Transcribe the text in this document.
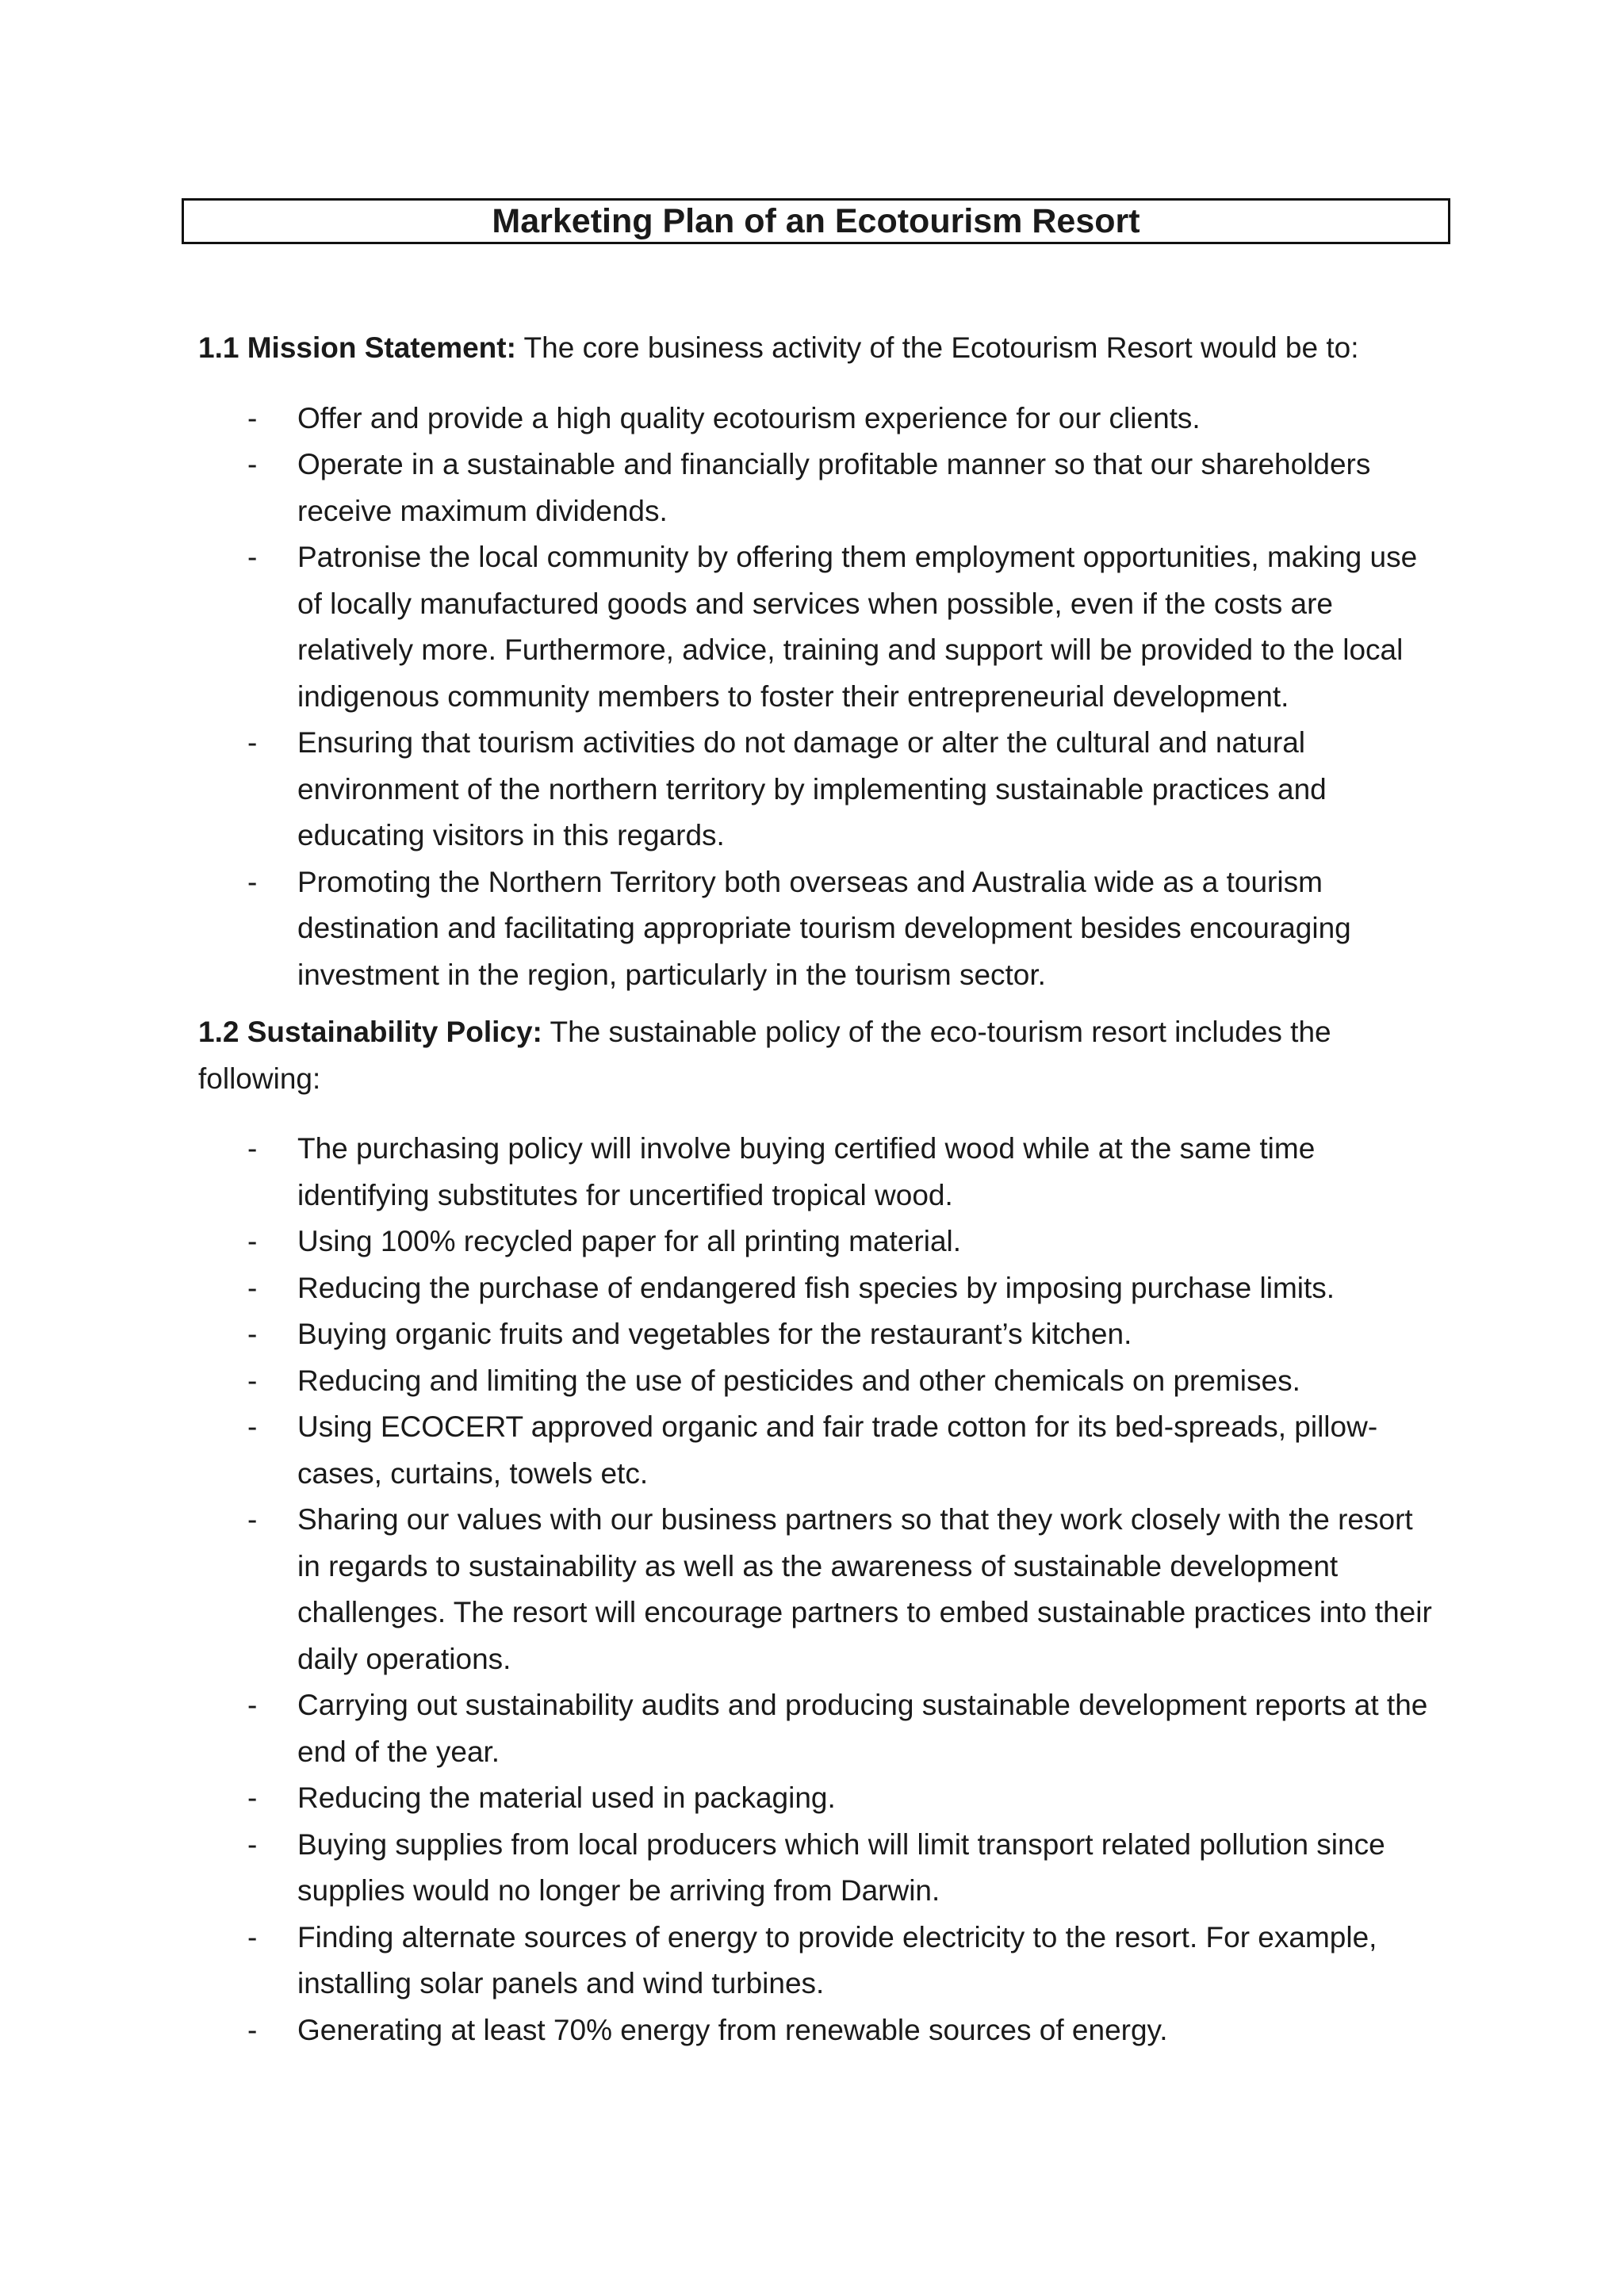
Marketing Plan of an Ecotourism Resort
1.1 Mission Statement: The core business activity of the Ecotourism Resort would be to:
- Offer and provide a high quality ecotourism experience for our clients.
- Operate in a sustainable and financially profitable manner so that our shareholders receive maximum dividends.
- Patronise the local community by offering them employment opportunities, making use of locally manufactured goods and services when possible, even if the costs are relatively more. Furthermore, advice, training and support will be provided to the local indigenous community members to foster their entrepreneurial development.
- Ensuring that tourism activities do not damage or alter the cultural and natural environment of the northern territory by implementing sustainable practices and educating visitors in this regards.
- Promoting the Northern Territory both overseas and Australia wide as a tourism destination and facilitating appropriate tourism development besides encouraging investment in the region, particularly in the tourism sector.
1.2 Sustainability Policy: The sustainable policy of the eco-tourism resort includes the following:
- The purchasing policy will involve buying certified wood while at the same time identifying substitutes for uncertified tropical wood.
- Using 100% recycled paper for all printing material.
- Reducing the purchase of endangered fish species by imposing purchase limits.
- Buying organic fruits and vegetables for the restaurant’s kitchen.
- Reducing and limiting the use of pesticides and other chemicals on premises.
- Using ECOCERT approved organic and fair trade cotton for its bed-spreads, pillow-cases, curtains, towels etc.
- Sharing our values with our business partners so that they work closely with the resort in regards to sustainability as well as the awareness of sustainable development challenges. The resort will encourage partners to embed sustainable practices into their daily operations.
- Carrying out sustainability audits and producing sustainable development reports at the end of the year.
- Reducing the material used in packaging.
- Buying supplies from local producers which will limit transport related pollution since supplies would no longer be arriving from Darwin.
- Finding alternate sources of energy to provide electricity to the resort. For example, installing solar panels and wind turbines.
- Generating at least 70% energy from renewable sources of energy.
